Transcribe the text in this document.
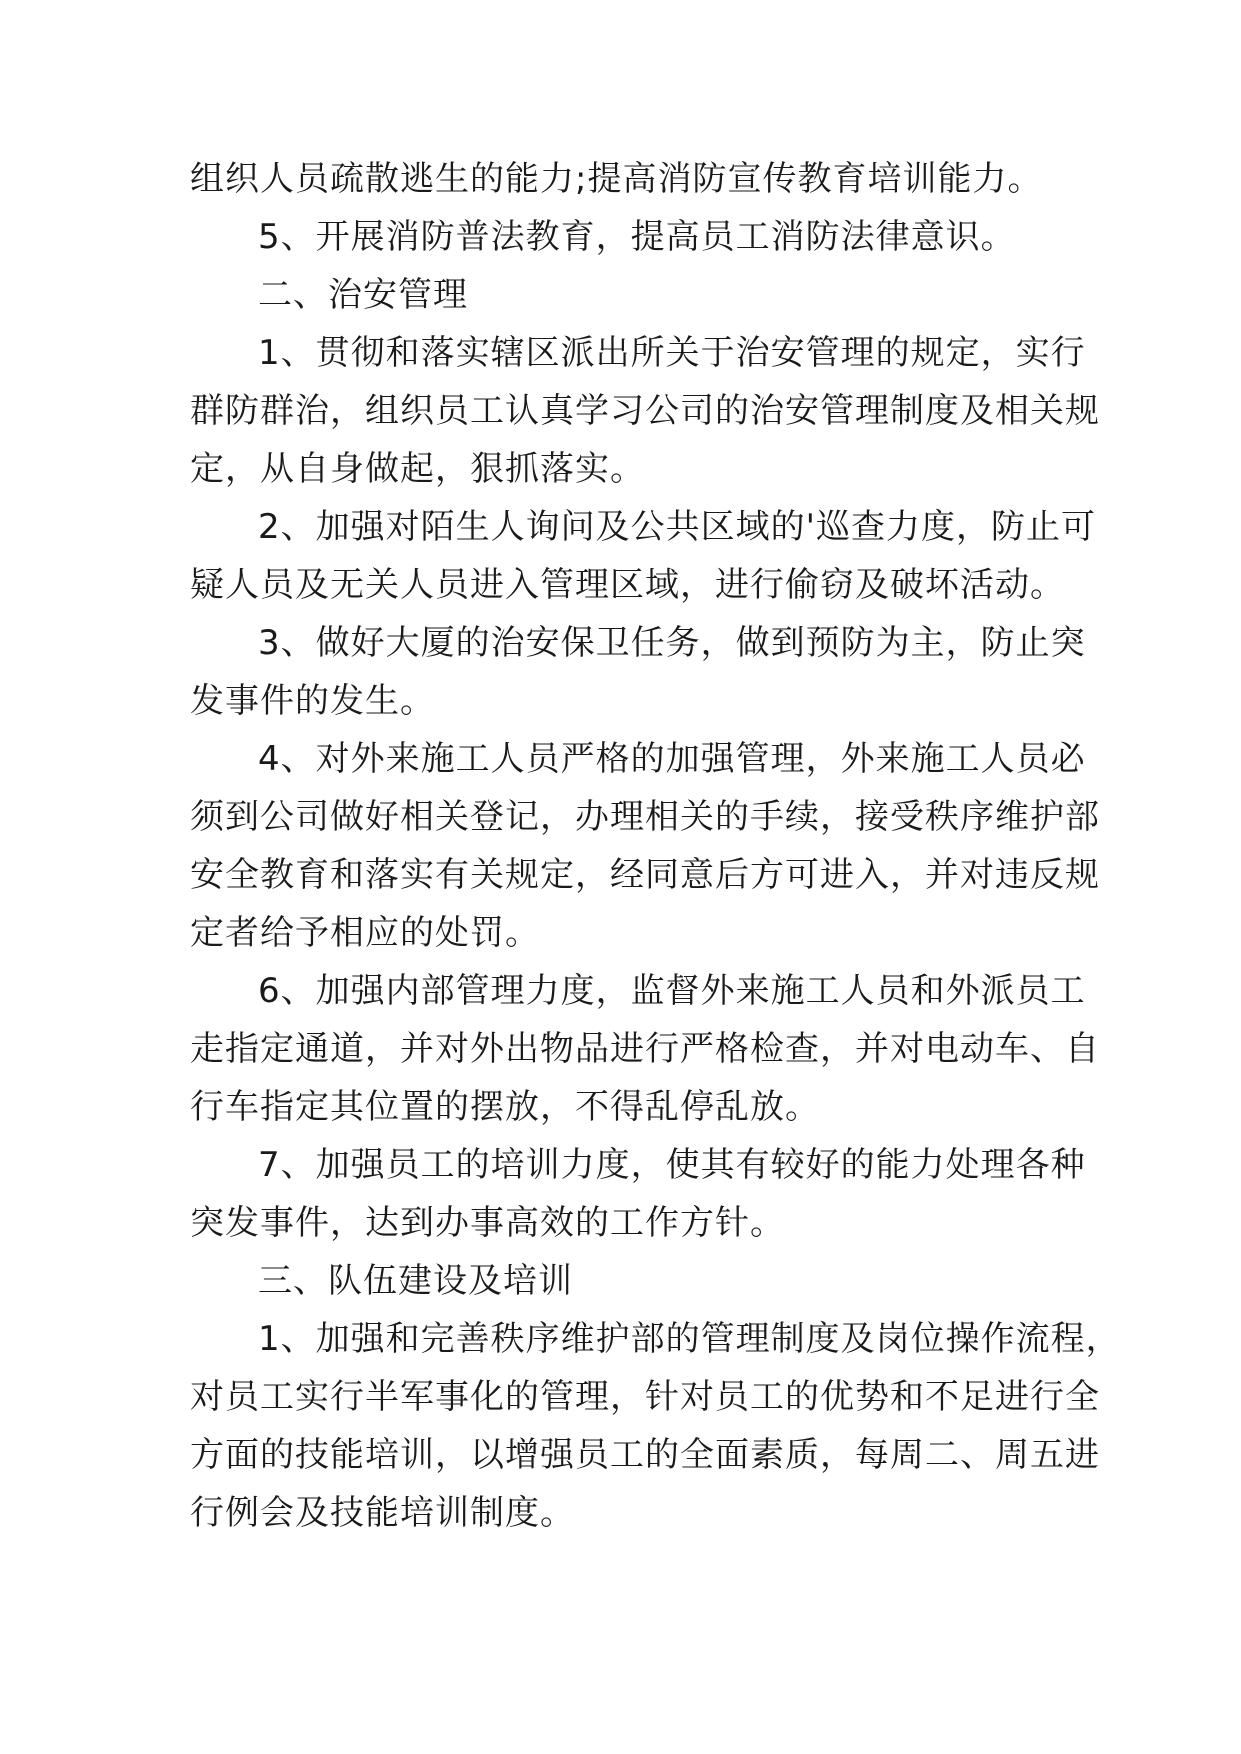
组织人员疏散逃生的能力;提高消防宣传教育培训能力。
5、开展消防普法教育，提高员工消防法律意识。
二、治安管理
1、贯彻和落实辖区派出所关于治安管理的规定，实行
群防群治，组织员工认真学习公司的治安管理制度及相关规
定，从自身做起，狠抓落实。
2、加强对陌生人询问及公共区域的'巡查力度，防止可
疑人员及无关人员进入管理区域，进行偷窃及破坏活动。
3、做好大厦的治安保卫任务，做到预防为主，防止突
发事件的发生。
4、对外来施工人员严格的加强管理，外来施工人员必
须到公司做好相关登记，办理相关的手续，接受秩序维护部
安全教育和落实有关规定，经同意后方可进入，并对违反规
定者给予相应的处罚。
6、加强内部管理力度，监督外来施工人员和外派员工
走指定通道，并对外出物品进行严格检查，并对电动车、自
行车指定其位置的摆放，不得乱停乱放。
7、加强员工的培训力度，使其有较好的能力处理各种
突发事件，达到办事高效的工作方针。
三、队伍建设及培训
1、加强和完善秩序维护部的管理制度及岗位操作流程，
对员工实行半军事化的管理，针对员工的优势和不足进行全
方面的技能培训，以增强员工的全面素质，每周二、周五进
行例会及技能培训制度。
